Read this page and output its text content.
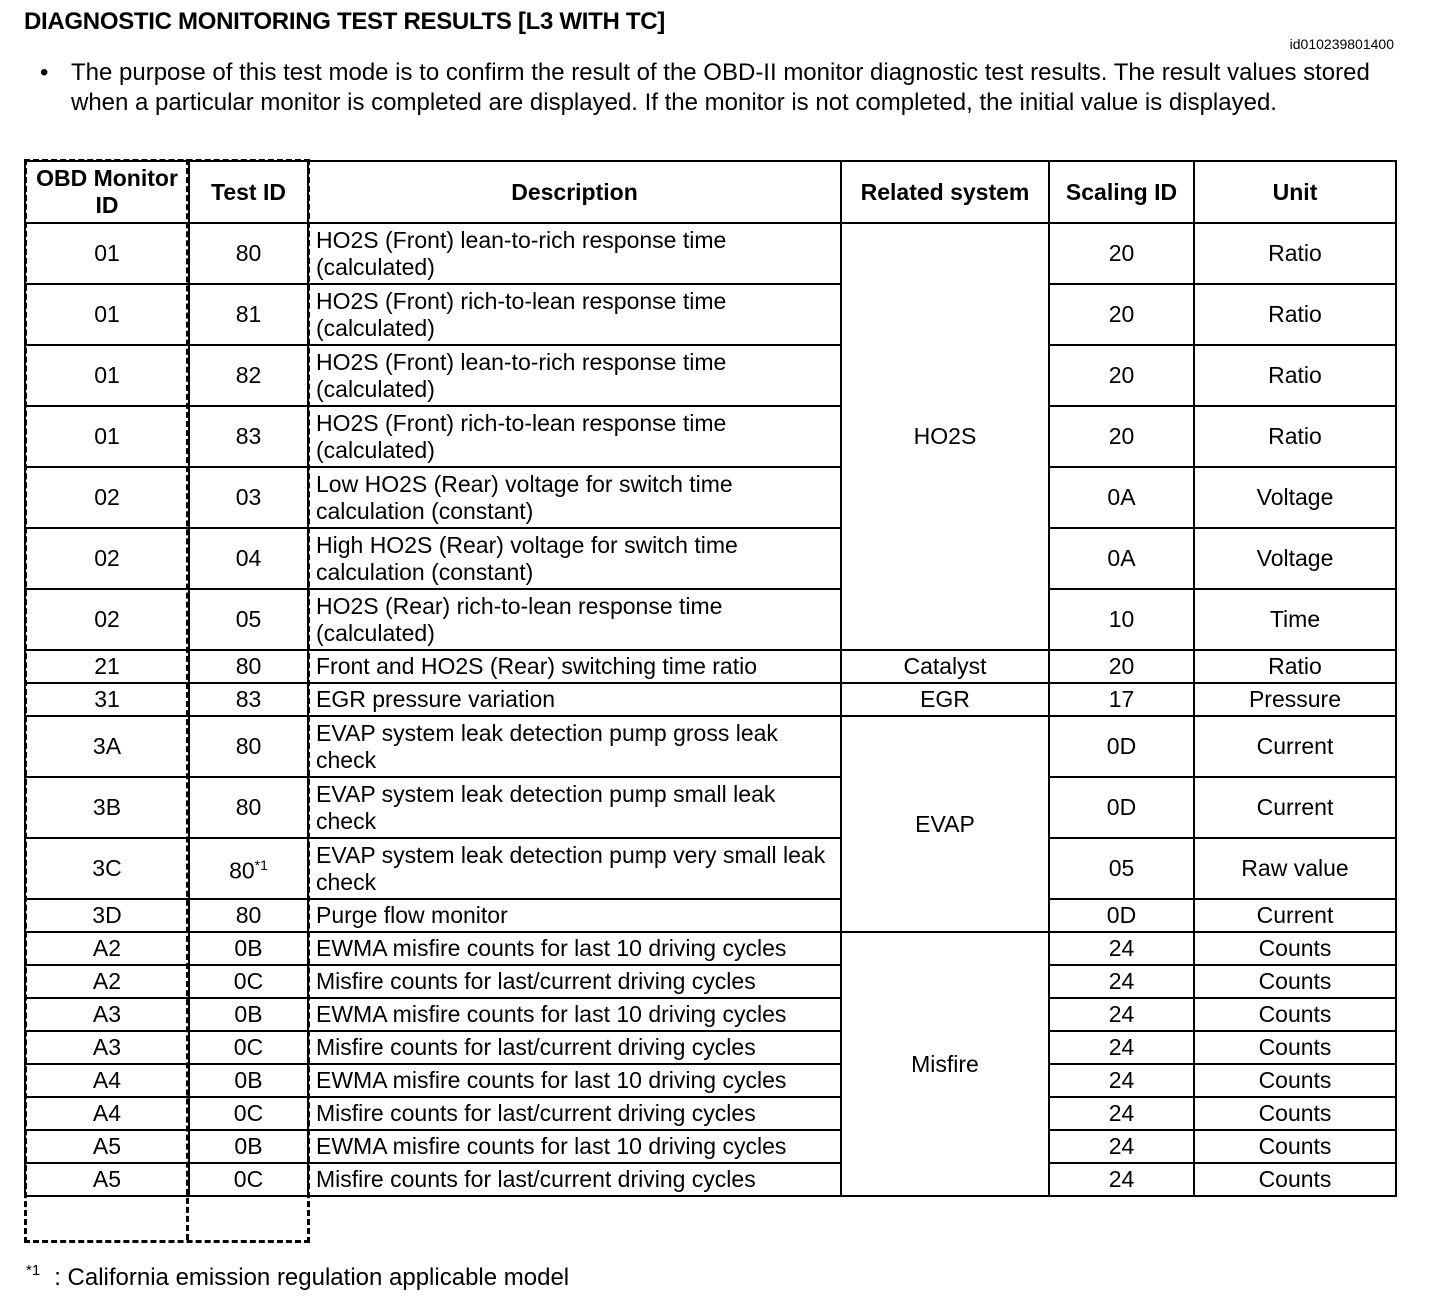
DIAGNOSTIC MONITORING TEST RESULTS [L3 WITH TC]
id010239801400
• The purpose of this test mode is to confirm the result of the OBD-II monitor diagnostic test results. The result values stored when a particular monitor is completed are displayed. If the monitor is not completed, the initial value is displayed.
OBD Monitor ID	Test ID	Description	Related system	Scaling ID	Unit
01	80	HO2S (Front) lean-to-rich response time (calculated)	HO2S	20	Ratio
01	81	HO2S (Front) rich-to-lean response time (calculated)		20	Ratio
01	82	HO2S (Front) lean-to-rich response time (calculated)		20	Ratio
01	83	HO2S (Front) rich-to-lean response time (calculated)		20	Ratio
02	03	Low HO2S (Rear) voltage for switch time calculation (constant)		0A	Voltage
02	04	High HO2S (Rear) voltage for switch time calculation (constant)		0A	Voltage
02	05	HO2S (Rear) rich-to-lean response time (calculated)		10	Time
21	80	Front and HO2S (Rear) switching time ratio	Catalyst	20	Ratio
31	83	EGR pressure variation	EGR	17	Pressure
3A	80	EVAP system leak detection pump gross leak check	EVAP	0D	Current
3B	80	EVAP system leak detection pump small leak check		0D	Current
3C	80$^{*1}$	EVAP system leak detection pump very small leak check		05	Raw value
3D	80	Purge flow monitor		0D	Current
A2	0B	EWMA misfire counts for last 10 driving cycles	Misfire	24	Counts
A2	0C	Misfire counts for last/current driving cycles		24	Counts
A3	0B	EWMA misfire counts for last 10 driving cycles		24	Counts
A3	0C	Misfire counts for last/current driving cycles		24	Counts
A4	0B	EWMA misfire counts for last 10 driving cycles		24	Counts
A4	0C	Misfire counts for last/current driving cycles		24	Counts
A5	0B	EWMA misfire counts for last 10 driving cycles		24	Counts
A5	0C	Misfire counts for last/current driving cycles		24	Counts
$^{*1}$ : California emission regulation applicable model
